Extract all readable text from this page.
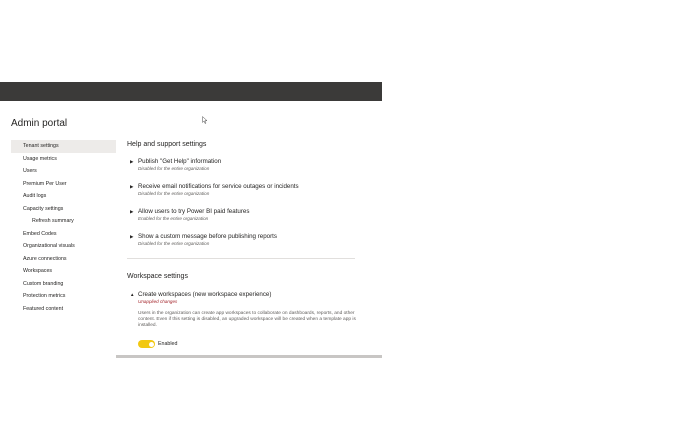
Admin portal
Tenant settings
Usage metrics
Users
Premium Per User
Audit logs
Capacity settings
Refresh summary
Embed Codes
Organizational visuals
Azure connections
Workspaces
Custom branding
Protection metrics
Featured content
Help and support settings
▶ Publish "Get Help" information
Disabled for the entire organization
▶ Receive email notifications for service outages or incidents
Disabled for the entire organization
▶ Allow users to try Power BI paid features
Enabled for the entire organization
▶ Show a custom message before publishing reports
Disabled for the entire organization
Workspace settings
▲ Create workspaces (new workspace experience)
Unapplied changes
Users in the organization can create app workspaces to collaborate on dashboards, reports, and other content. Even if this setting is disabled, an upgraded workspace will be created when a template app is installed.
Enabled
